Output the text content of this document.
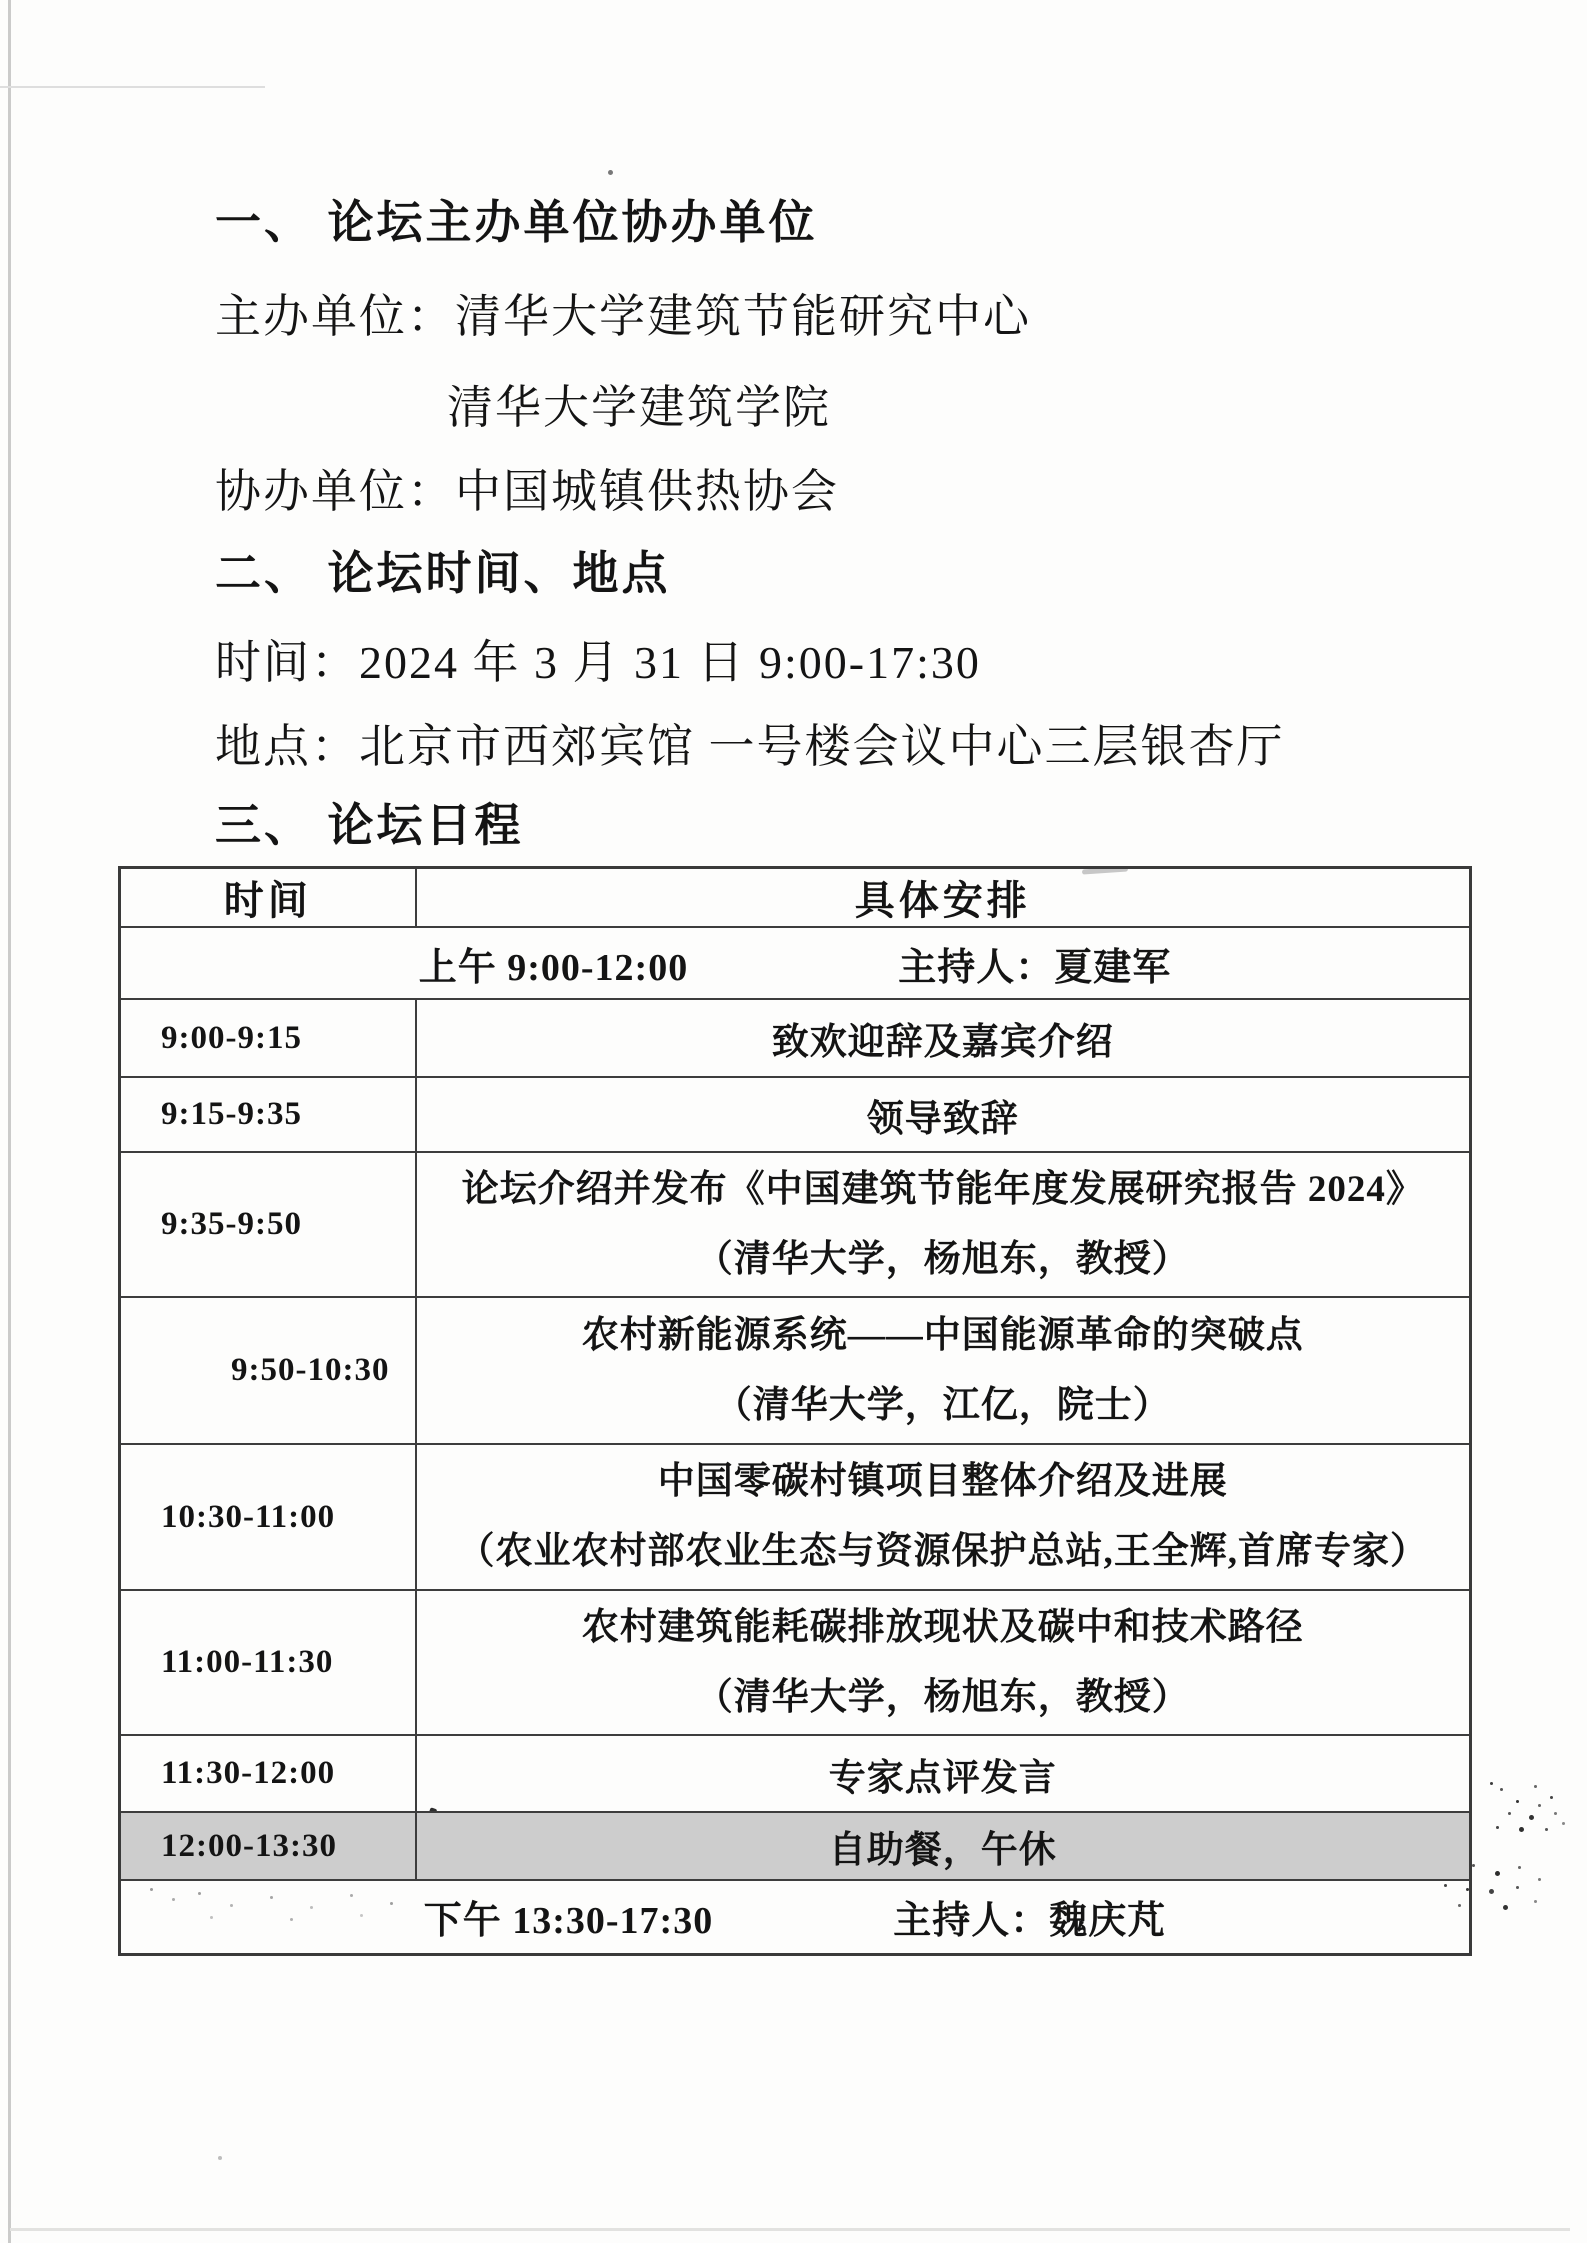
一、 论坛主办单位协办单位
主办单位：清华大学建筑节能研究中心
清华大学建筑学院
协办单位：中国城镇供热协会
二、 论坛时间、地点
时间：2024 年 3 月 31 日 9:00-17:30
地点：北京市西郊宾馆 一号楼会议中心三层银杏厅
三、 论坛日程
时间	具体安排

上午 9:00-12:00 主持人：夏建军	

9:00-9:15	致欢迎辞及嘉宾介绍

9:15-9:35	领导致辞

9:35-9:50	论坛介绍并发布《中国建筑节能年度发展研究报告 2024》
（清华大学，杨旭东，教授）

9:50-10:30	农村新能源系统——中国能源革命的突破点
（清华大学，江亿，院士）

10:30-11:00	中国零碳村镇项目整体介绍及进展
（农业农村部农业生态与资源保护总站,王全辉,首席专家）

11:00-11:30	农村建筑能耗碳排放现状及碳中和技术路径
（清华大学，杨旭东，教授）

11:30-12:00	专家点评发言

12:00-13:30	自助餐，午休

下午 13:30-17:30 主持人：魏庆芃	
